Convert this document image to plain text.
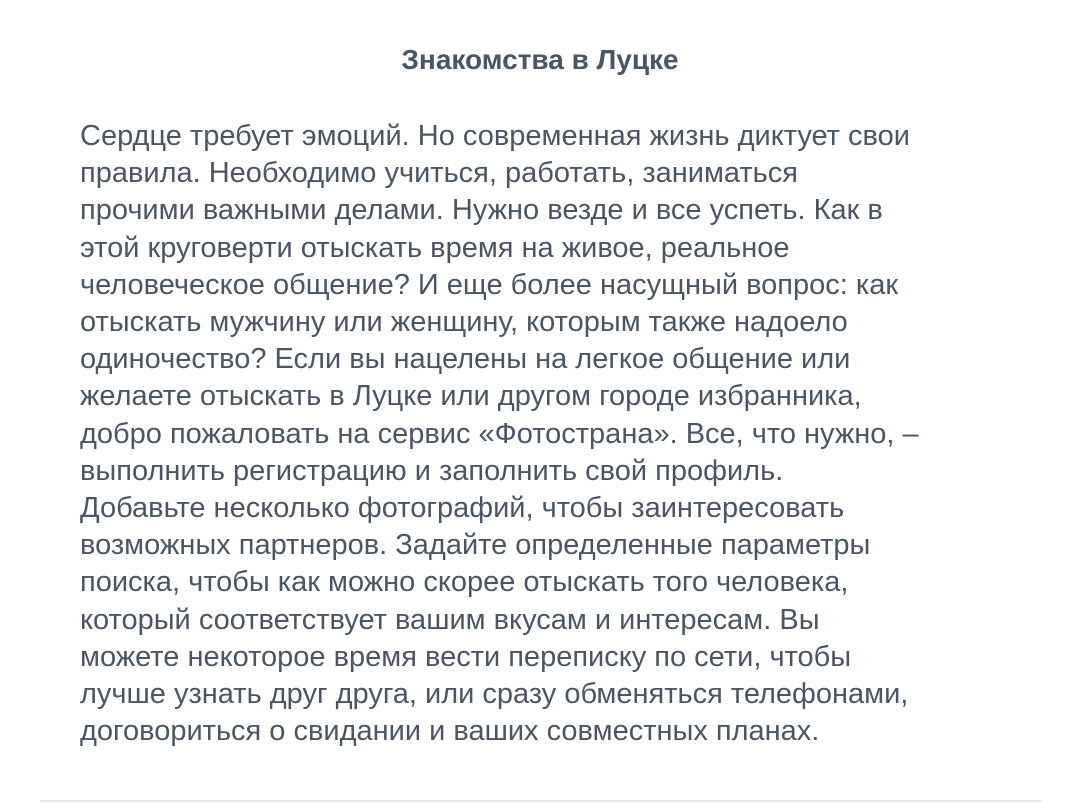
Знакомства в Луцке

Сердце требует эмоций. Но современная жизнь диктует свои
правила. Необходимо учиться, работать, заниматься
прочими важными делами. Нужно везде и все успеть. Как в
этой круговерти отыскать время на живое, реальное
человеческое общение? И еще более насущный вопрос: как
отыскать мужчину или женщину, которым также надоело
одиночество? Если вы нацелены на легкое общение или
желаете отыскать в Луцке или другом городе избранника,
добро пожаловать на сервис «Фотострана». Все, что нужно, –
выполнить регистрацию и заполнить свой профиль.
Добавьте несколько фотографий, чтобы заинтересовать
возможных партнеров. Задайте определенные параметры
поиска, чтобы как можно скорее отыскать того человека,
который соответствует вашим вкусам и интересам. Вы
можете некоторое время вести переписку по сети, чтобы
лучше узнать друг друга, или сразу обменяться телефонами,
договориться о свидании и ваших совместных планах.
